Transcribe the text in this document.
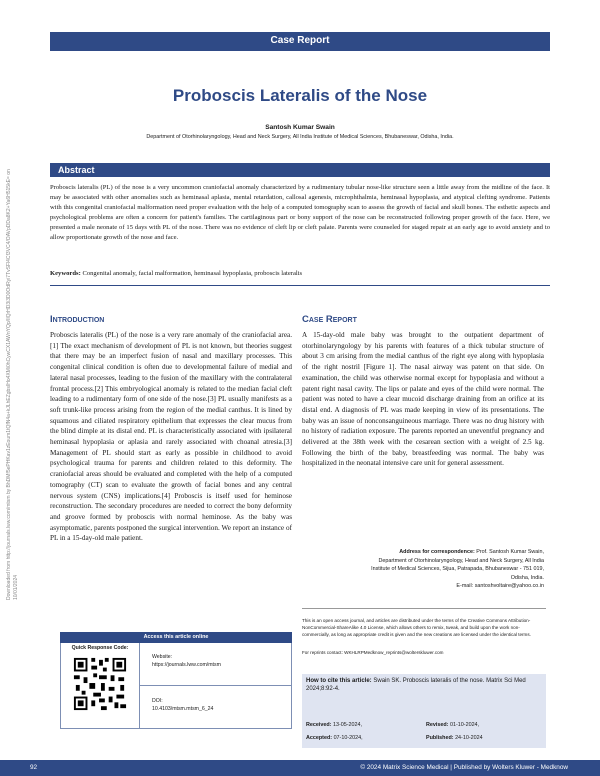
Case Report
Proboscis Lateralis of the Nose
Santosh Kumar Swain
Department of Otorhinolaryngology, Head and Neck Surgery, All India Institute of Medical Sciences, Bhubaneswar, Odisha, India.
Downloaded from http://journals.lww.com/mtsm by BhDMf5ePHKav1zEoum1tQfN4a+kJLhEZgbsIHo4XMi0hCywCX1AWnYQp/IlQrHD3i3D0OdRyi7TvSFl4Cf3VC4/OAVpDDa8K2+Ya6H515kE= on 10/01/2024
Abstract
Proboscis lateralis (PL) of the nose is a very uncommon craniofacial anomaly characterized by a rudimentary tubular nose-like structure seen a little away from the midline of the face. It may be associated with other anomalies such as heminasal aplasia, mental retardation, callosal agenesis, microphthalmia, heminasal hypoplasia, and atypical clefting syndrome. Patients with this congenital craniofacial malformation need proper evaluation with the help of a computed tomography scan to assess the growth of facial and skull bones. The esthetic aspects and psychological problems are often a concern for patient's families. The cartilaginous part or bony support of the nose can be reconstructed following proper growth of the face. Here, we presented a male neonate of 15 days with PL of the nose. There was no evidence of cleft lip or cleft palate. Parents were counseled for staged repair at an early age to avoid anxiety and to allow proportionate growth of the nose and face.
Keywords: Congenital anomaly, facial malformation, heminasal hypoplasia, proboscis lateralis
Introduction
Proboscis lateralis (PL) of the nose is a very rare anomaly of the craniofacial area.[1] The exact mechanism of development of PL is not known, but theories suggest that there may be an imperfect fusion of nasal and maxillary processes. This congenital clinical condition is often due to developmental failure of medial and lateral nasal processes, leading to the fusion of the maxillary with the contralateral frontal process.[2] This embryological anomaly is related to the median facial cleft leading to a rudimentary form of one side of the nose.[3] PL usually manifests as a soft trunk-like process arising from the region of the medial canthus. It is lined by squamous and ciliated respiratory epithelium that expresses the clear mucus from the blind dimple at its distal end. PL is characteristically associated with ipsilateral heminasal hypoplasia or aplasia and rarely associated with choanal atresia.[3] Management of PL should start as early as possible in childhood to avoid psychological trauma for parents and children related to this deformity. The craniofacial areas should be evaluated and completed with the help of a computed tomography (CT) scan to evaluate the growth of facial bones and any central nervous system (CNS) implications.[4] Proboscis is itself used for heminose reconstruction. The secondary procedures are needed to correct the bony deformity and groove formed by proboscis with normal heminose. As the baby was asymptomatic, parents postponed the surgical intervention. We report an instance of PL in a 15-day-old male patient.
Case Report
A 15-day-old male baby was brought to the outpatient department of otorhinolaryngology by his parents with features of a thick tubular structure of about 3 cm arising from the medial canthus of the right eye along with hypoplasia of the right nostril [Figure 1]. The nasal airway was patent on that side. On examination, the child was otherwise normal except for hypoplasia and without a patent right nasal cavity. The lips or palate and eyes of the child were normal. The patient was noted to have a clear mucoid discharge draining from an orifice at its distal end. A diagnosis of PL was made keeping in view of its presentations. The baby was an issue of nonconsanguineous marriage. There was no drug history with no history of radiation exposure. The parents reported an uneventful pregnancy and delivered at the 38th week with the cesarean section with a weight of 2.5 kg. Following the birth of the baby, breastfeeding was normal. The baby was hospitalized in the neonatal intensive care unit for general assessment.
Address for correspondence: Prof. Santosh Kumar Swain,
Department of Otorhinolaryngology, Head and Neck Surgery, All India
Institute of Medical Sciences, Sijua, Patrapada, Bhubaneswar - 751 019,
Odisha, India.
E-mail: santoshvoltaire@yahoo.co.in
This is an open access journal, and articles are distributed under the terms of the Creative Commons Attribution-NonCommercial-ShareAlike 4.0 License, which allows others to remix, tweak, and build upon the work non-commercially, as long as appropriate credit is given and the new creations are licensed under the identical terms.
For reprints contact: WKHLRPMedknow_reprints@wolterskluwer.com
Access this article online
Quick Response Code:
Website:
https://journals.lww.com/mtsm
DOI:
10.4103/mtsm.mtsm_6_24
How to cite this article: Swain SK. Proboscis lateralis of the nose. Matrix Sci Med 2024;8:92-4.
Received: 13-05-2024,	Revised: 01-10-2024,
Accepted: 07-10-2024,	Published: 24-10-2024
92	© 2024 Matrix Science Medical | Published by Wolters Kluwer - Medknow
